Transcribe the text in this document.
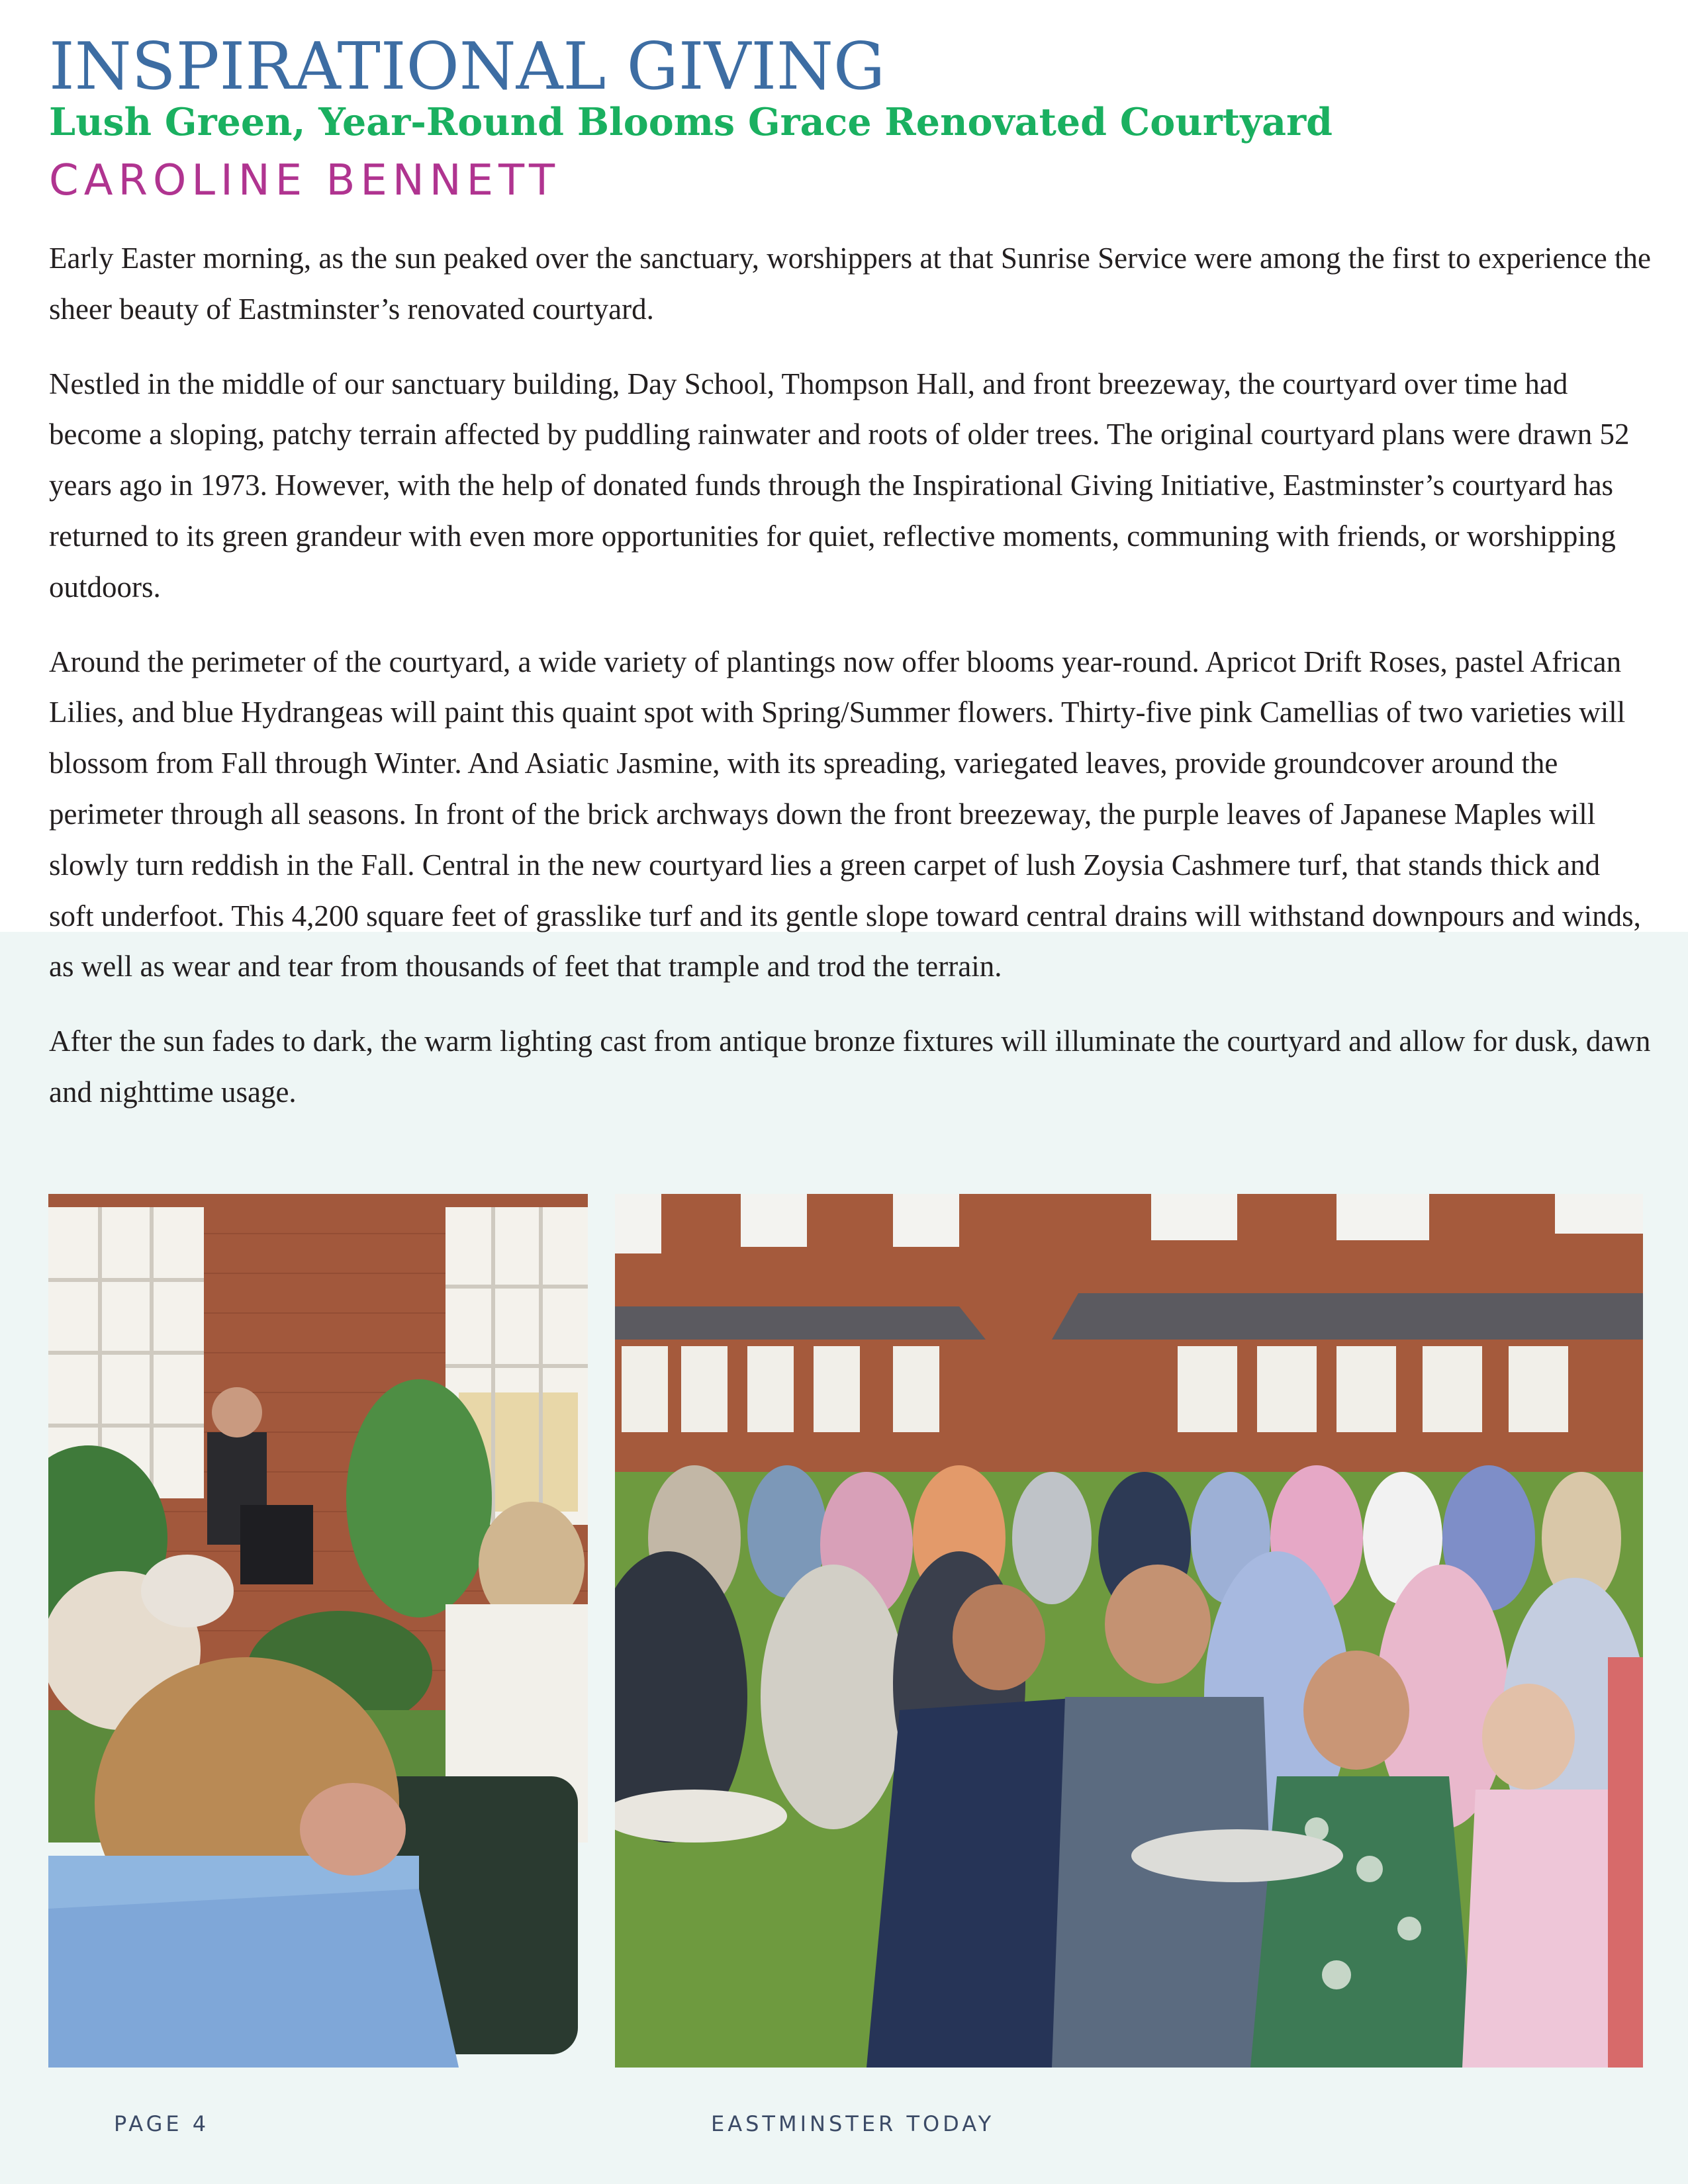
INSPIRATIONAL GIVING
Lush Green, Year-Round Blooms Grace Renovated Courtyard
CAROLINE BENNETT

Early Easter morning, as the sun peaked over the sanctuary, worshippers at that Sunrise Service were among the first to experience the sheer beauty of Eastminster’s renovated courtyard.

Nestled in the middle of our sanctuary building, Day School, Thompson Hall, and front breezeway, the courtyard over time had become a sloping, patchy terrain affected by puddling rainwater and roots of older trees. The original courtyard plans were drawn 52 years ago in 1973. However, with the help of donated funds through the Inspirational Giving Initiative, Eastminster’s courtyard has returned to its green grandeur with even more opportunities for quiet, reflective moments, communing with friends, or worshipping outdoors.

Around the perimeter of the courtyard, a wide variety of plantings now offer blooms year-round. Apricot Drift Roses, pastel African Lilies, and blue Hydrangeas will paint this quaint spot with Spring/Summer flowers. Thirty-five pink Camellias of two varieties will blossom from Fall through Winter. And Asiatic Jasmine, with its spreading, variegated leaves, provide groundcover around the perimeter through all seasons. In front of the brick archways down the front breezeway, the purple leaves of Japanese Maples will slowly turn reddish in the Fall. Central in the new courtyard lies a green carpet of lush Zoysia Cashmere turf, that stands thick and soft underfoot. This 4,200 square feet of grasslike turf and its gentle slope toward central drains will withstand downpours and winds, as well as wear and tear from thousands of feet that trample and trod the terrain.

After the sun fades to dark, the warm lighting cast from antique bronze fixtures will illuminate the courtyard and allow for dusk, dawn and nighttime usage.

PAGE 4	EASTMINSTER TODAY
